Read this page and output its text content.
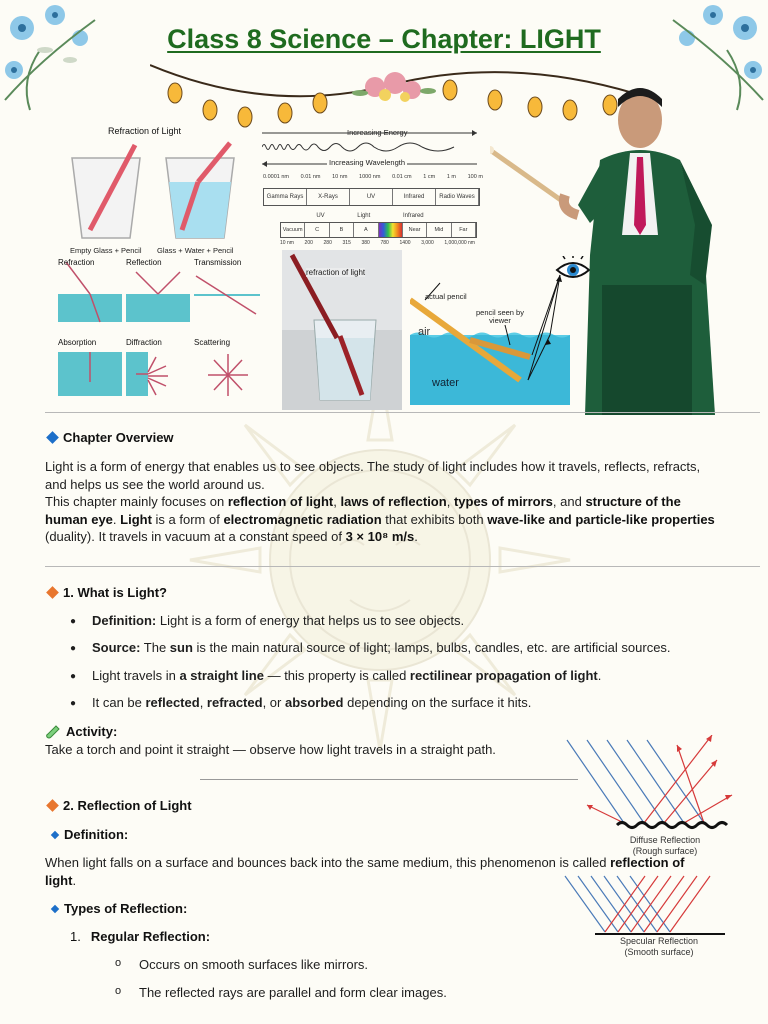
Class 8 Science – Chapter: LIGHT
Refraction of Light
Empty Glass + Pencil Glass + Water + Pencil
Increasing Energy
Increasing Wavelength
0.0001 nm 0.01 nm 10 nm 1000 nm 0.01 cm 1 cm 1 m 100 m
Gamma Rays	X-Rays	UV	Infrared	Radio Waves
UV	Light	Infrared
Vacuum	C	B	A	Near	Mid	Far
10 nm 200 280 315 380 780 1400 3,000 1,000,000 nm
Refraction	Reflection	Transmission
Absorption	Diffraction	Scattering
refraction of light
actual pencil
pencil seen by viewer
air
water
Chapter Overview
Light is a form of energy that enables us to see objects. The study of light includes how it travels, reflects, refracts, and helps us see the world around us.
This chapter mainly focuses on reflection of light, laws of reflection, types of mirrors, and structure of the human eye. Light is a form of electromagnetic radiation that exhibits both wave-like and particle-like properties (duality). It travels in vacuum at a constant speed of 3 × 10⁸ m/s.
1. What is Light?
●	Definition: Light is a form of energy that helps us to see objects.
●	Source: The sun is the main natural source of light; lamps, bulbs, candles, etc. are artificial sources.
●	Light travels in a straight line — this property is called rectilinear propagation of light.
●	It can be reflected, refracted, or absorbed depending on the surface it hits.
Activity:
Take a torch and point it straight — observe how light travels in a straight path.
Diffuse Reflection
(Rough surface)
2. Reflection of Light
Definition:
When light falls on a surface and bounces back into the same medium, this phenomenon is called reflection of light.
Types of Reflection:
1. Regular Reflection:
o	Occurs on smooth surfaces like mirrors.
o	The reflected rays are parallel and form clear images.
Specular Reflection
(Smooth surface)
